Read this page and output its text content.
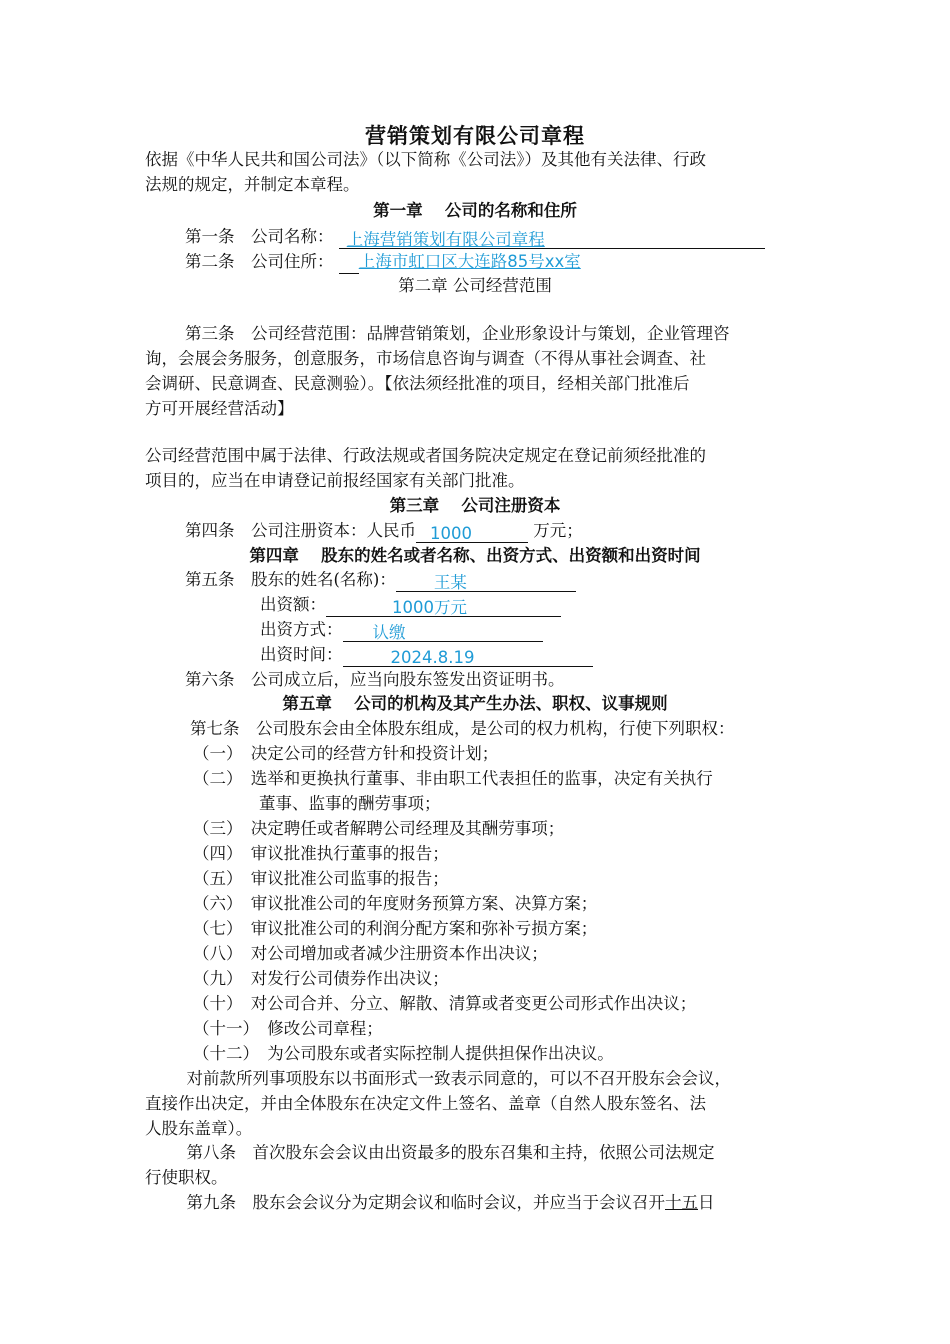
营销策划有限公司章程
依据《中华人民共和国公司法》（以下简称《公司法》）及其他有关法律、行政
法规的规定，并制定本章程。
第一章　 公司的名称和住所
第一条　公司名称： 上海营销策划有限公司章程
第二条　公司住所： 上海市虹口区大连路85号xx室
第二章 公司经营范围
第三条　公司经营范围：品牌营销策划，企业形象设计与策划，企业管理咨
询，会展会务服务，创意服务，市场信息咨询与调查（不得从事社会调查、社
会调研、民意调查、民意测验）。【依法须经批准的项目，经相关部门批准后
方可开展经营活动】
公司经营范围中属于法律、行政法规或者国务院决定规定在登记前须经批准的
项目的，应当在申请登记前报经国家有关部门批准。
第三章　 公司注册资本
第四条　公司注册资本：人民币 1000	万元；
第四章　 股东的姓名或者名称、出资方式、出资额和出资时间
第五条　股东的姓名(名称)： 王某
出资额：	1000万元
出资方式： 认缴
出资时间：	2024.8.19
第六条　公司成立后，应当向股东签发出资证明书。
第五章　 公司的机构及其产生办法、职权、议事规则
第七条　公司股东会由全体股东组成，是公司的权力机构，行使下列职权：
（一）　决定公司的经营方针和投资计划；
（二）　选举和更换执行董事、非由职工代表担任的监事，决定有关执行
　　　　董事、监事的酬劳事项；
（三）　决定聘任或者解聘公司经理及其酬劳事项；
（四）　审议批准执行董事的报告；
（五）　审议批准公司监事的报告；
（六）　审议批准公司的年度财务预算方案、决算方案；
（七）　审议批准公司的利润分配方案和弥补亏损方案；
（八）　对公司增加或者减少注册资本作出决议；
（九）　对发行公司债券作出决议；
（十）　对公司合并、分立、解散、清算或者变更公司形式作出决议；
（十一）　修改公司章程；
（十二）　为公司股东或者实际控制人提供担保作出决议。
　对前款所列事项股东以书面形式一致表示同意的，可以不召开股东会会议，
直接作出决定，并由全体股东在决定文件上签名、盖章（自然人股东签名、法
人股东盖章）。
　第八条　首次股东会会议由出资最多的股东召集和主持，依照公司法规定
行使职权。
　第九条　股东会会议分为定期会议和临时会议，并应当于会议召开十五日
